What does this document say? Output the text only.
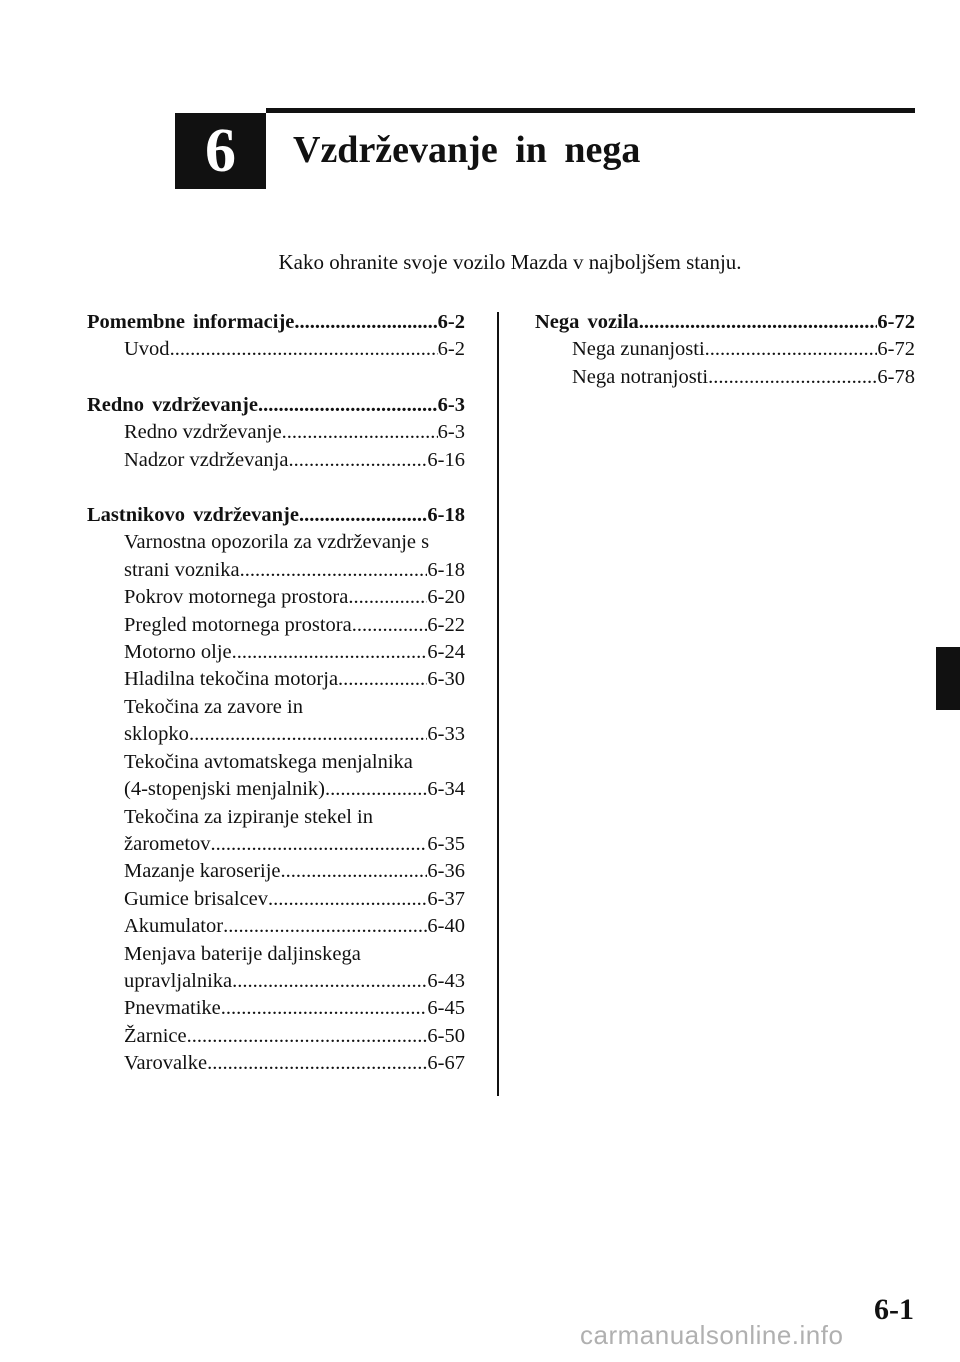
6 Vzdrževanje in nega
Kako ohranite svoje vozilo Mazda v najboljšem stanju.
Pomembne informacije .....	6-2
Uvod .....	6-2
Redno vzdrževanje .....	6-3
Redno vzdrževanje .....	6-3
Nadzor vzdrževanja .....	6-16
Lastnikovo vzdrževanje .....	6-18
Varnostna opozorila za vzdrževanje s
strani voznika .....	6-18
Pokrov motornega prostora .....	6-20
Pregled motornega prostora .....	6-22
Motorno olje .....	6-24
Hladilna tekočina motorja .....	6-30
Tekočina za zavore in
sklopko .....	6-33
Tekočina avtomatskega menjalnika
(4-stopenjski menjalnik) .....	6-34
Tekočina za izpiranje stekel in
žarometov .....	6-35
Mazanje karoserije .....	6-36
Gumice brisalcev .....	6-37
Akumulator .....	6-40
Menjava baterije daljinskega
upravljalnika .....	6-43
Pnevmatike .....	6-45
Žarnice .....	6-50
Varovalke .....	6-67
Nega vozila .....	6-72
Nega zunanjosti .....	6-72
Nega notranjosti .....	6-78
6-1
carmanualsonline.info
